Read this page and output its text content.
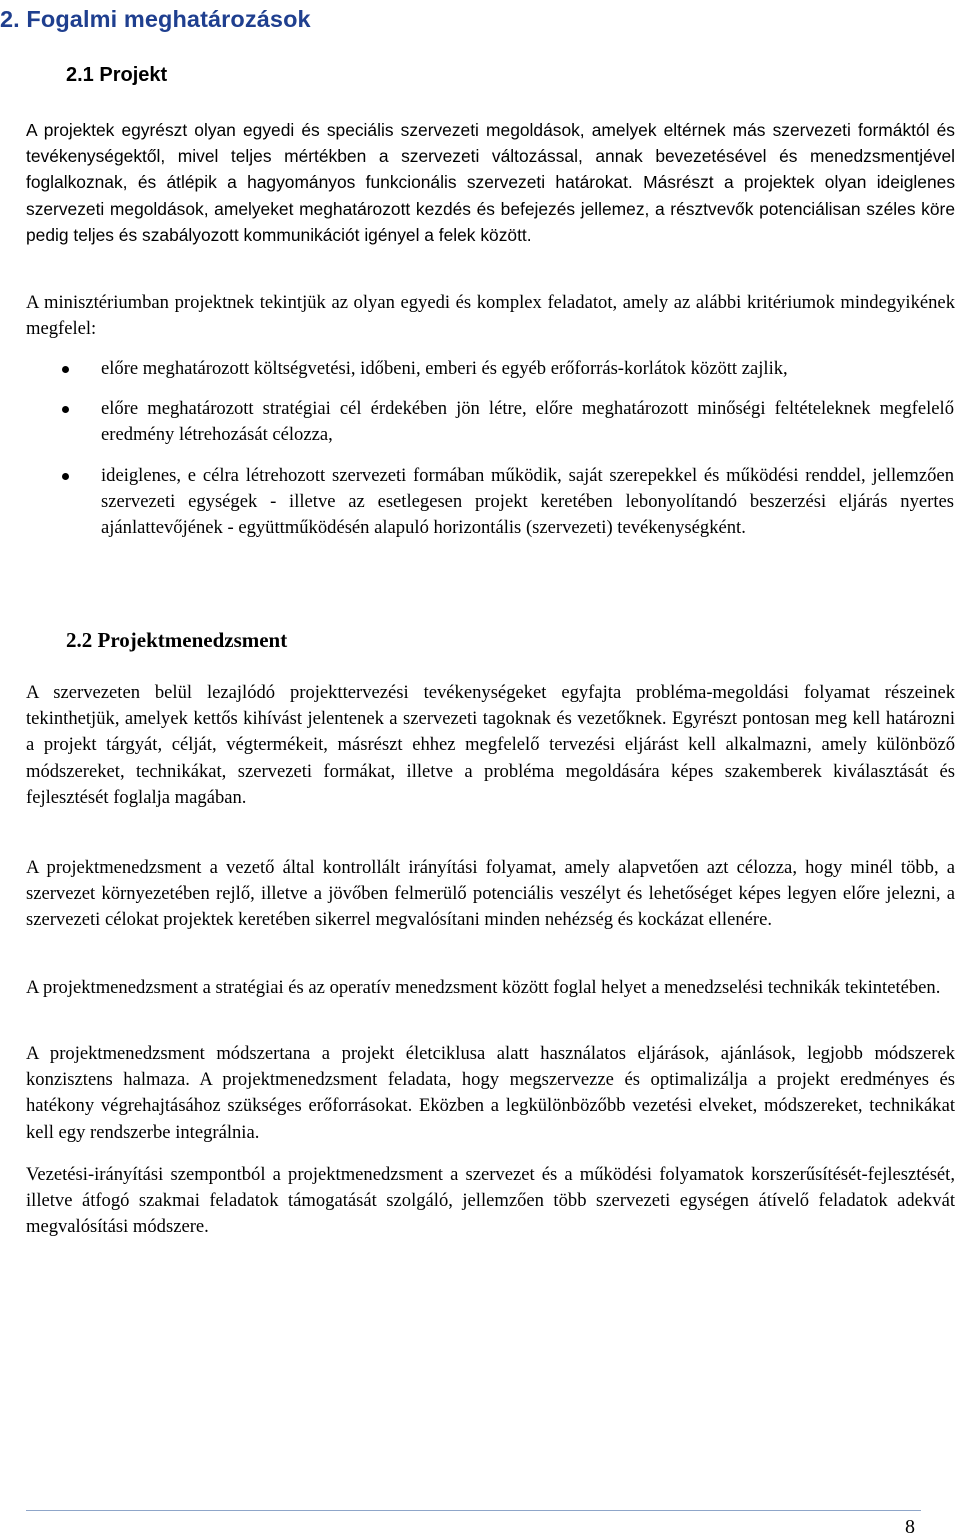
2. Fogalmi meghatározások
2.1 Projekt

A projektek egyrészt olyan egyedi és speciális szervezeti megoldások, amelyek eltérnek más szervezeti formáktól és tevékenységektől, mivel teljes mértékben a szervezeti változással, annak bevezetésével és menedzsmentjével foglalkoznak, és átlépik a hagyományos funkcionális szervezeti határokat. Másrészt a projektek olyan ideiglenes szervezeti megoldások, amelyeket meghatározott kezdés és befejezés jellemez, a résztvevők potenciálisan széles köre pedig teljes és szabályozott kommunikációt igényel a felek között.

A minisztériumban projektnek tekintjük az olyan egyedi és komplex feladatot, amely az alábbi kritériumok mindegyikének megfelel:

előre meghatározott költségvetési, időbeni, emberi és egyéb erőforrás-korlátok között zajlik,
előre meghatározott stratégiai cél érdekében jön létre, előre meghatározott minőségi feltételeknek megfelelő eredmény létrehozását célozza,
ideiglenes, e célra létrehozott szervezeti formában működik, saját szerepekkel és működési renddel, jellemzően szervezeti egységek - illetve az esetlegesen projekt keretében lebonyolítandó beszerzési eljárás nyertes ajánlattevőjének - együttműködésén alapuló horizontális (szervezeti) tevékenységként.
2.2 Projektmenedzsment

A szervezeten belül lezajlódó projekttervezési tevékenységeket egyfajta probléma-megoldási folyamat részeinek tekinthetjük, amelyek kettős kihívást jelentenek a szervezeti tagoknak és vezetőknek. Egyrészt pontosan meg kell határozni a projekt tárgyát, célját, végtermékeit, másrészt ehhez megfelelő tervezési eljárást kell alkalmazni, amely különböző módszereket, technikákat, szervezeti formákat, illetve a probléma megoldására képes szakemberek kiválasztását és fejlesztését foglalja magában.

A projektmenedzsment a vezető által kontrollált irányítási folyamat, amely alapvetően azt célozza, hogy minél több, a szervezet környezetében rejlő, illetve a jövőben felmerülő potenciális veszélyt és lehetőséget képes legyen előre jelezni, a szervezeti célokat projektek keretében sikerrel megvalósítani minden nehézség és kockázat ellenére.

A projektmenedzsment a stratégiai és az operatív menedzsment között foglal helyet a menedzselési technikák tekintetében.

A projektmenedzsment módszertana a projekt életciklusa alatt használatos eljárások, ajánlások, legjobb módszerek konzisztens halmaza. A projektmenedzsment feladata, hogy megszervezze és optimalizálja a projekt eredményes és hatékony végrehajtásához szükséges erőforrásokat. Eközben a legkülönbözőbb vezetési elveket, módszereket, technikákat kell egy rendszerbe integrálnia.

Vezetési-irányítási szempontból a projektmenedzsment a szervezet és a működési folyamatok korszerűsítését-fejlesztését, illetve átfogó szakmai feladatok támogatását szolgáló, jellemzően több szervezeti egységen átívelő feladatok adekvát megvalósítási módszere.

8
